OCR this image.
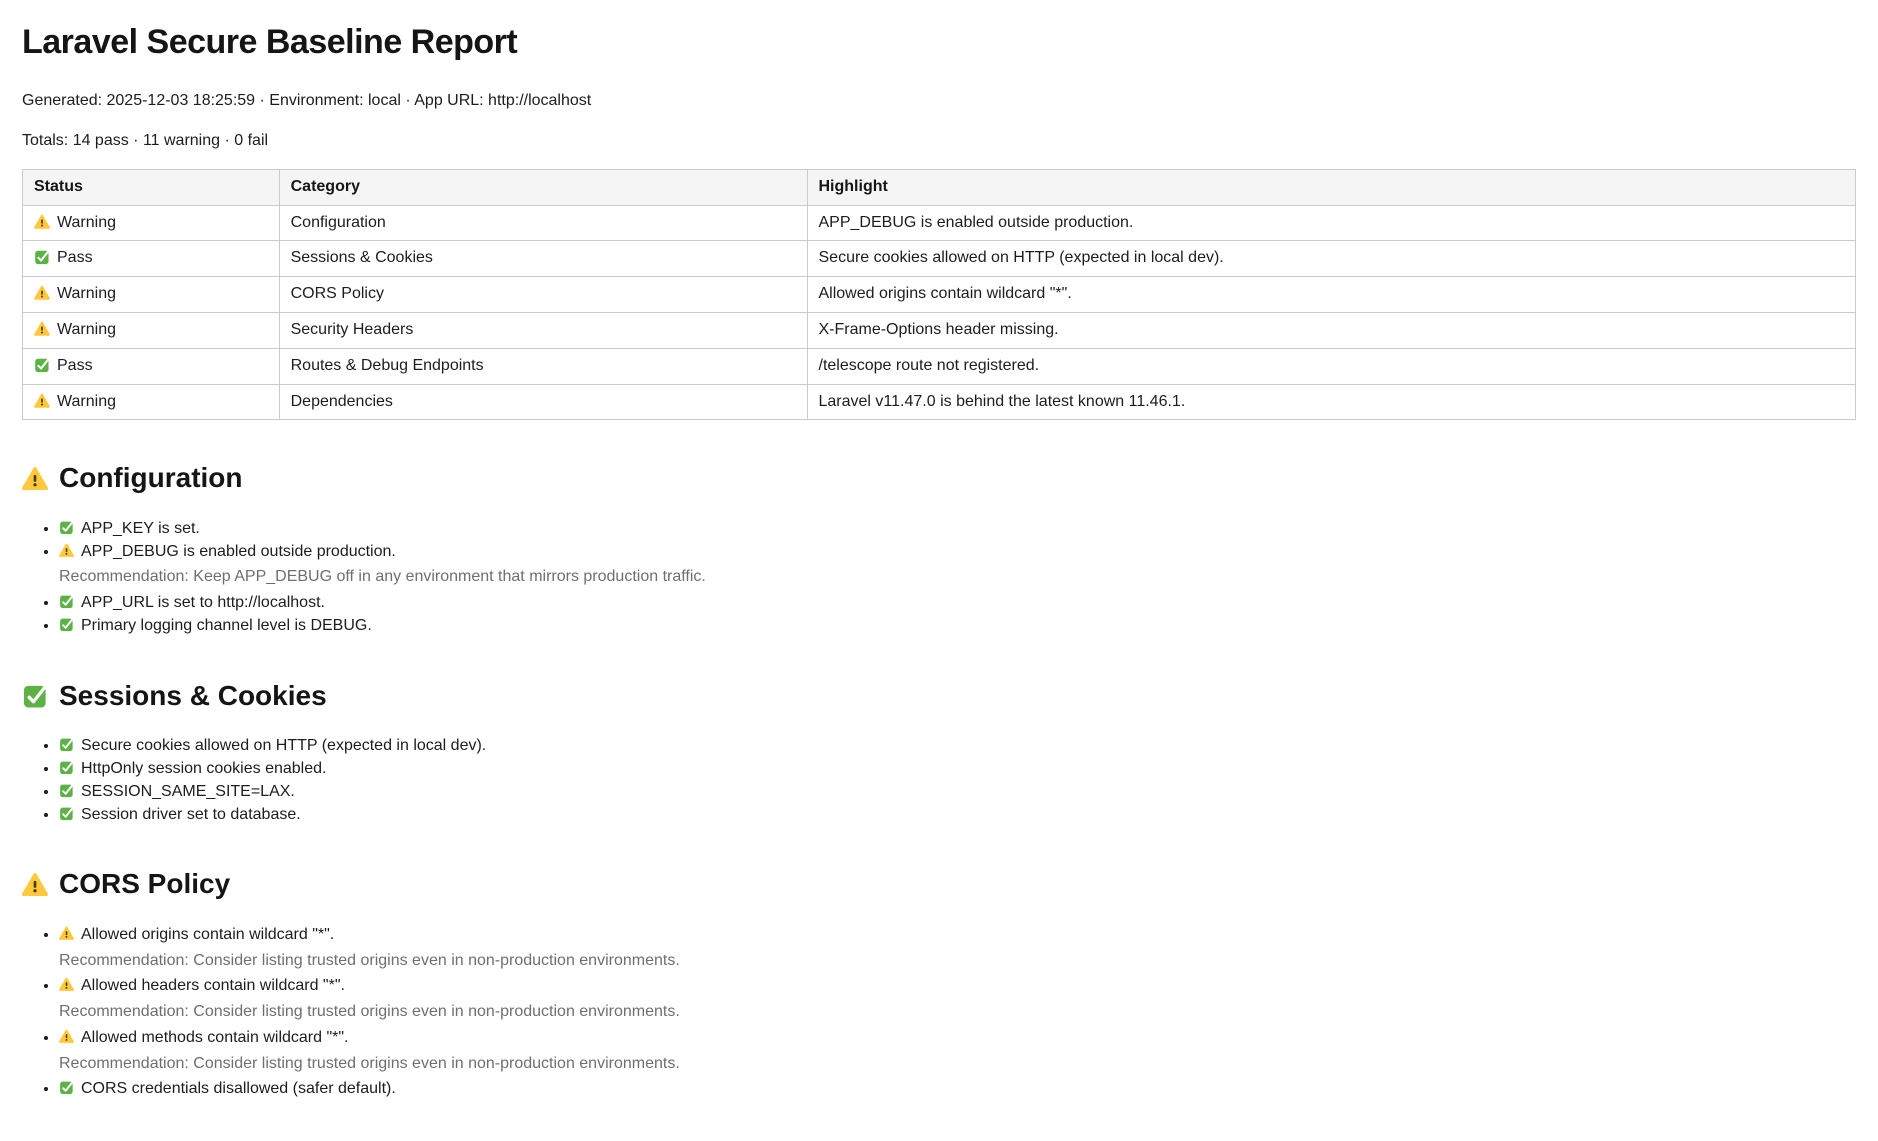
Laravel Secure Baseline Report

Generated: 2025-12-03 18:25:59 · Environment: local · App URL: http://localhost

Totals: 14 pass · 11 warning · 0 fail

Status	Category	Highlight
Warning	Configuration	APP_DEBUG is enabled outside production.
Pass	Sessions & Cookies	Secure cookies allowed on HTTP (expected in local dev).
Warning	CORS Policy	Allowed origins contain wildcard "*".
Warning	Security Headers	X-Frame-Options header missing.
Pass	Routes & Debug Endpoints	/telescope route not registered.
Warning	Dependencies	Laravel v11.47.0 is behind the latest known 11.46.1.
Configuration
• APP_KEY is set.
• APP_DEBUG is enabled outside production.
Recommendation: Keep APP_DEBUG off in any environment that mirrors production traffic.
• APP_URL is set to http://localhost.
• Primary logging channel level is DEBUG.
Sessions & Cookies
• Secure cookies allowed on HTTP (expected in local dev).
• HttpOnly session cookies enabled.
• SESSION_SAME_SITE=LAX.
• Session driver set to database.
CORS Policy
• Allowed origins contain wildcard "*".
Recommendation: Consider listing trusted origins even in non-production environments.
• Allowed headers contain wildcard "*".
Recommendation: Consider listing trusted origins even in non-production environments.
• Allowed methods contain wildcard "*".
Recommendation: Consider listing trusted origins even in non-production environments.
• CORS credentials disallowed (safer default).
